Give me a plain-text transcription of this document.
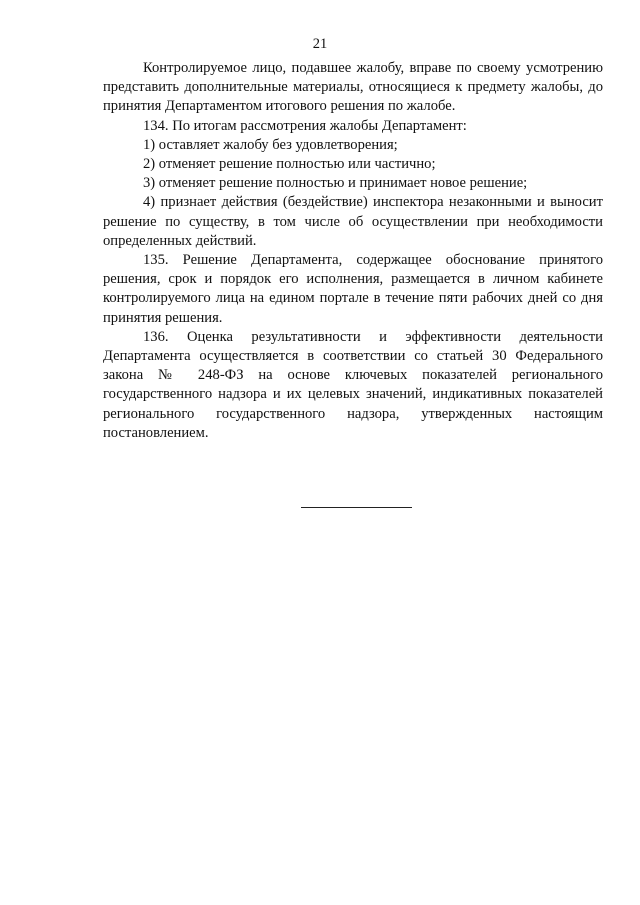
21

Контролируемое лицо, подавшее жалобу, вправе по своему усмотрению представить дополнительные материалы, относящиеся к предмету жалобы, до принятия Департаментом итогового решения по жалобе.

134. По итогам рассмотрения жалобы Департамент:

1) оставляет жалобу без удовлетворения;

2) отменяет решение полностью или частично;

3) отменяет решение полностью и принимает новое решение;

4) признает действия (бездействие) инспектора незаконными и выносит решение по существу, в том числе об осуществлении при необходимости определенных действий.

135. Решение Департамента, содержащее обоснование принятого решения, срок и порядок его исполнения, размещается в личном кабинете контролируемого лица на едином портале в течение пяти рабочих дней со дня принятия решения.

136. Оценка результативности и эффективности деятельности Департамента осуществляется в соответствии со статьей 30 Федерального закона № 248-ФЗ на основе ключевых показателей регионального государственного надзора и их целевых значений, индикативных показателей регионального государственного надзора, утвержденных настоящим постановлением.
